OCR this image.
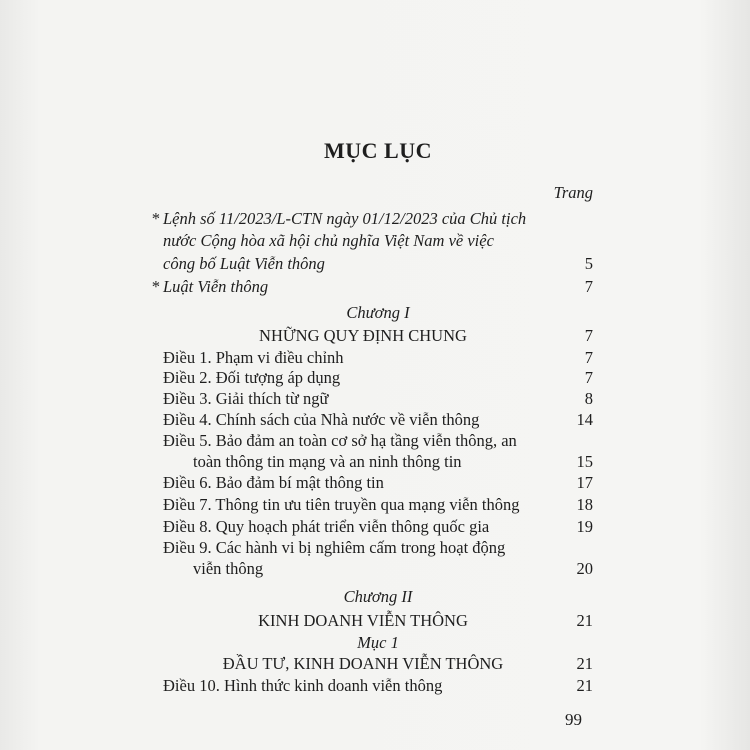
MỤC LỤC
Trang
* Lệnh số 11/2023/L-CTN ngày 01/12/2023 của Chủ tịch
nước Cộng hòa xã hội chủ nghĩa Việt Nam về việc
công bố Luật Viễn thông	5
* Luật Viễn thông	7
Chương I
NHỮNG QUY ĐỊNH CHUNG	7
Điều 1. Phạm vi điều chỉnh	7
Điều 2. Đối tượng áp dụng	7
Điều 3. Giải thích từ ngữ	8
Điều 4. Chính sách của Nhà nước về viễn thông	14
Điều 5. Bảo đảm an toàn cơ sở hạ tầng viễn thông, an
toàn thông tin mạng và an ninh thông tin	15
Điều 6. Bảo đảm bí mật thông tin	17
Điều 7. Thông tin ưu tiên truyền qua mạng viễn thông	18
Điều 8. Quy hoạch phát triển viễn thông quốc gia	19
Điều 9. Các hành vi bị nghiêm cấm trong hoạt động
viễn thông	20
Chương II
KINH DOANH VIỄN THÔNG	21
Mục 1
ĐẦU TƯ, KINH DOANH VIỄN THÔNG	21
Điều 10. Hình thức kinh doanh viễn thông	21
99
